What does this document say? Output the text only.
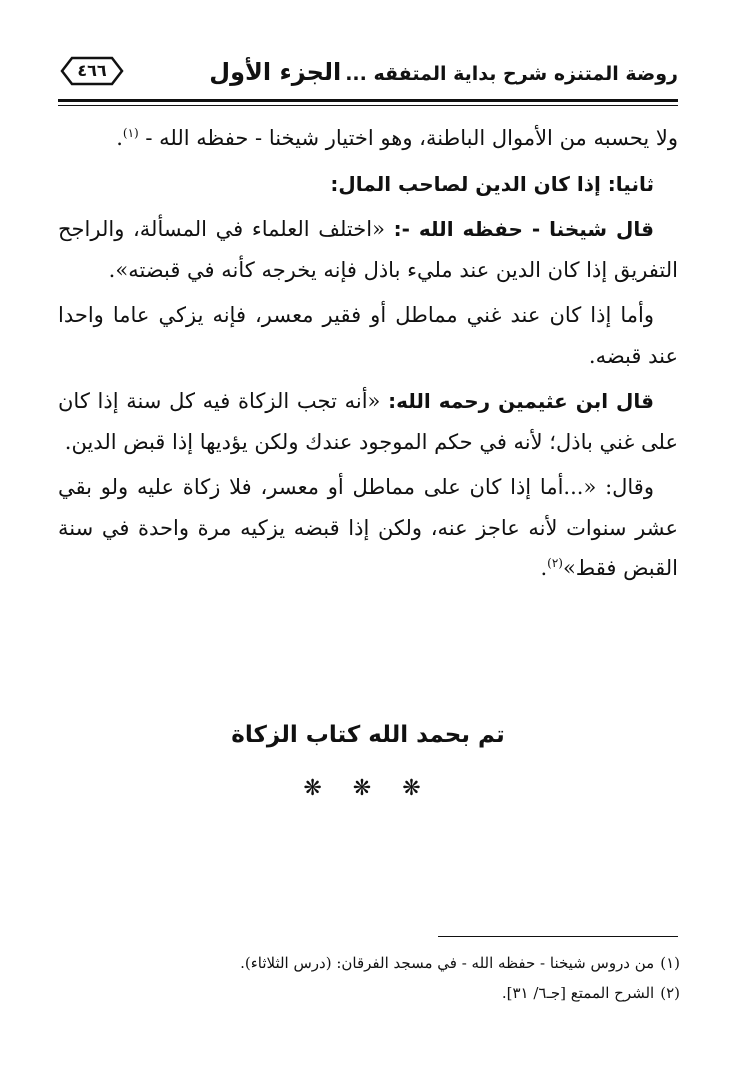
روضة المتنزه شرح بداية المتفقه ...الجزء الأول
٤٦٦

ولا يحسبه من الأموال الباطنة، وهو اختيار شيخنا - حفظه الله - $^{(١)}$.

ثانيا: إذا كان الدين لصاحب المال:

قال شيخنا - حفظه الله -: «اختلف العلماء في المسألة، والراجح التفريق إذا كان الدين عند مليء باذل فإنه يخرجه كأنه في قبضته».

وأما إذا كان عند غني مماطل أو فقير معسر، فإنه يزكي عاما واحدا عند قبضه.

قال ابن عثيمين رحمه الله: «أنه تجب الزكاة فيه كل سنة إذا كان على غني باذل؛ لأنه في حكم الموجود عندك ولكن يؤديها إذا قبض الدين.

وقال: «...أما إذا كان على مماطل أو معسر، فلا زكاة عليه ولو بقي عشر سنوات لأنه عاجز عنه، ولكن إذا قبضه يزكيه مرة واحدة في سنة القبض فقط»$^{(٢)}$.

تم بحمد الله كتاب الزكاة
❋ ❋ ❋

(١)من دروس شيخنا - حفظه الله - في مسجد الفرقان: (درس الثلاثاء).

(٢)الشرح الممتع [جـ٦/ ٣١].
